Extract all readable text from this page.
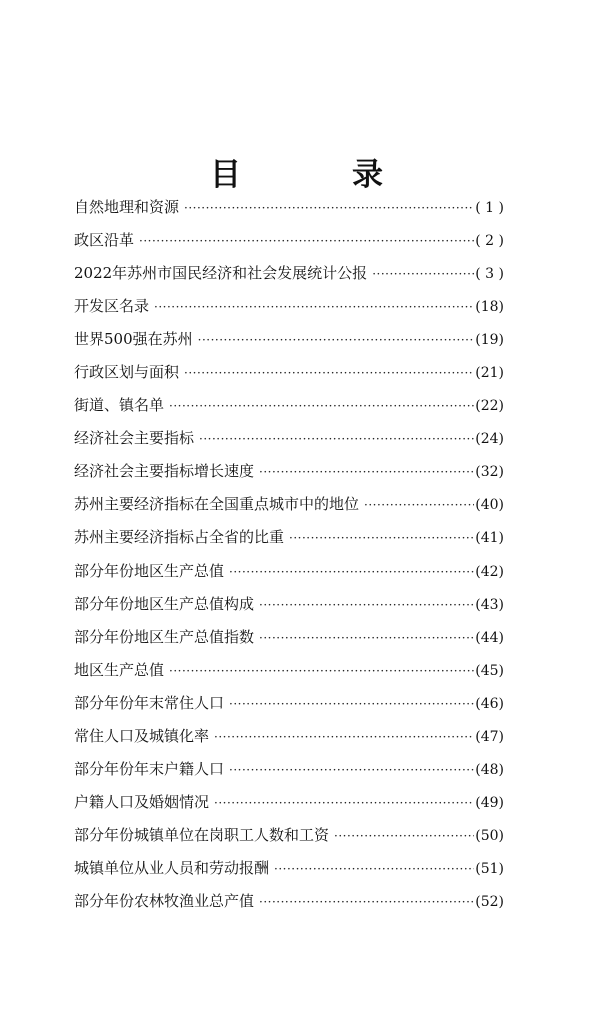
目　录
自然地理和资源 ·····	( 1 )
政区沿革 ·····	( 2 )
2022年苏州市国民经济和社会发展统计公报 ·····	( 3 )
开发区名录 ·····	(18)
世界500强在苏州 ·····	(19)
行政区划与面积 ·····	(21)
街道、镇名单 ·····	(22)
经济社会主要指标 ·····	(24)
经济社会主要指标增长速度 ·····	(32)
苏州主要经济指标在全国重点城市中的地位 ·····	(40)
苏州主要经济指标占全省的比重 ·····	(41)
部分年份地区生产总值 ·····	(42)
部分年份地区生产总值构成 ·····	(43)
部分年份地区生产总值指数 ·····	(44)
地区生产总值 ·····	(45)
部分年份年末常住人口 ·····	(46)
常住人口及城镇化率 ·····	(47)
部分年份年末户籍人口 ·····	(48)
户籍人口及婚姻情况 ·····	(49)
部分年份城镇单位在岗职工人数和工资 ·····	(50)
城镇单位从业人员和劳动报酬 ·····	(51)
部分年份农林牧渔业总产值 ·····	(52)
